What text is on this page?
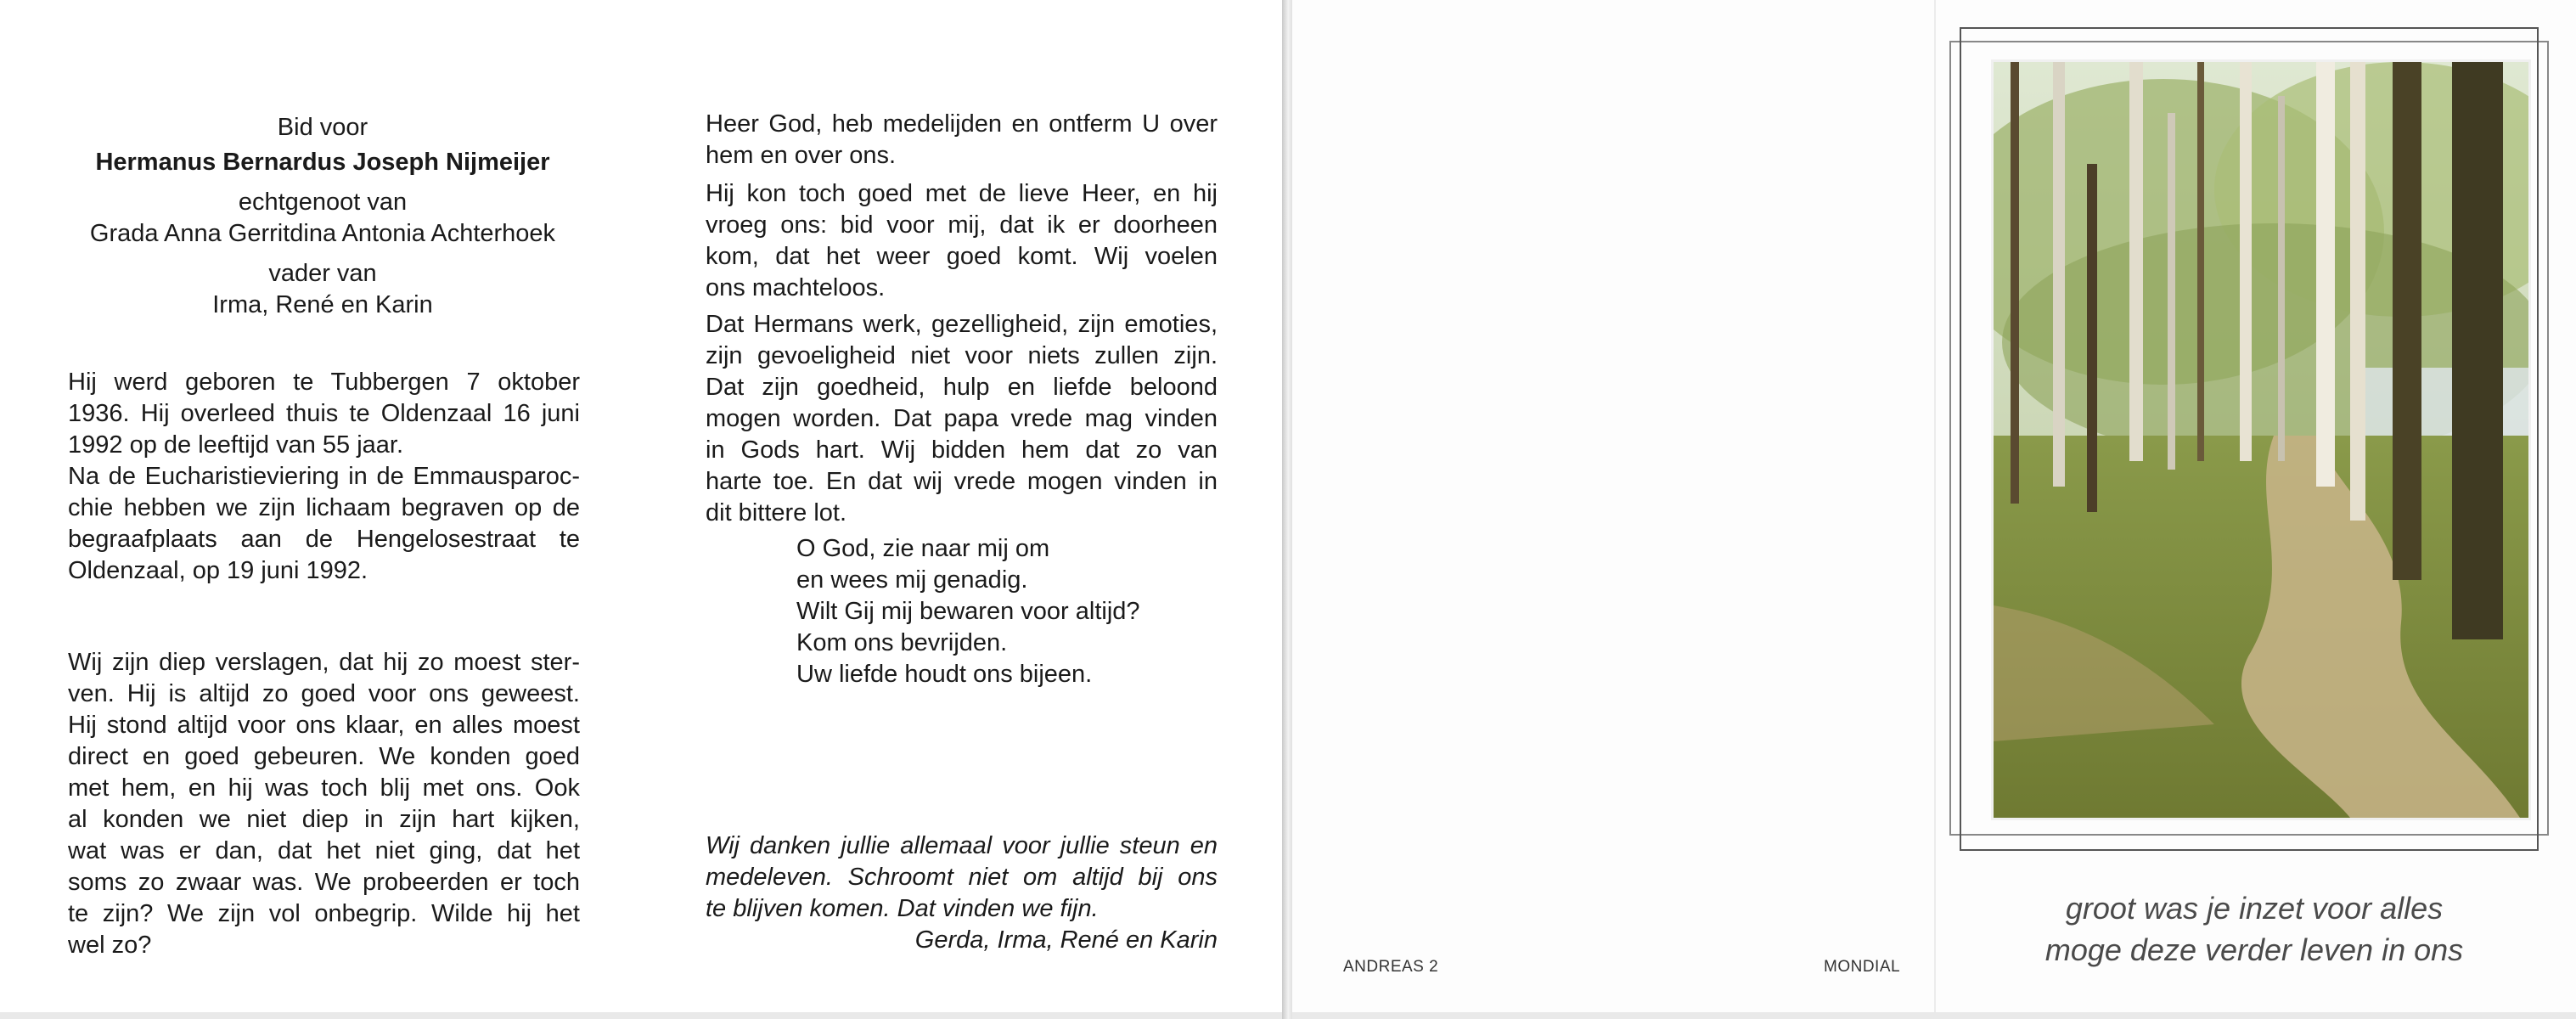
Bid voor
Hermanus Bernardus Joseph Nijmeijer
echtgenoot van
Grada Anna Gerritdina Antonia Achterhoek
vader van
Irma, René en Karin
Hij werd geboren te Tubbergen 7 oktober
1936. Hij overleed thuis te Oldenzaal 16 juni
1992 op de leeftijd van 55 jaar.
Na de Eucharistieviering in de Emmausparoc-
chie hebben we zijn lichaam begraven op de
begraafplaats aan de Hengelosestraat te
Oldenzaal, op 19 juni 1992.
Wij zijn diep verslagen, dat hij zo moest ster-
ven. Hij is altijd zo goed voor ons geweest.
Hij stond altijd voor ons klaar, en alles moest
direct en goed gebeuren. We konden goed
met hem, en hij was toch blij met ons. Ook
al konden we niet diep in zijn hart kijken,
wat was er dan, dat het niet ging, dat het
soms zo zwaar was. We probeerden er toch
te zijn? We zijn vol onbegrip. Wilde hij het
wel zo?
Heer God, heb medelijden en ontferm U over
hem en over ons.
Hij kon toch goed met de lieve Heer, en hij
vroeg ons: bid voor mij, dat ik er doorheen
kom, dat het weer goed komt. Wij voelen
ons machteloos.
Dat Hermans werk, gezelligheid, zijn emoties,
zijn gevoeligheid niet voor niets zullen zijn.
Dat zijn goedheid, hulp en liefde beloond
mogen worden. Dat papa vrede mag vinden
in Gods hart. Wij bidden hem dat zo van
harte toe. En dat wij vrede mogen vinden in
dit bittere lot.
O God, zie naar mij om
en wees mij genadig.
Wilt Gij mij bewaren voor altijd?
Kom ons bevrijden.
Uw liefde houdt ons bijeen.
Wij danken jullie allemaal voor jullie steun en
medeleven. Schroomt niet om altijd bij ons
te blijven komen. Dat vinden we fijn.
Gerda, Irma, René en Karin
ANDREAS 2	MONDIAL
groot was je inzet voor alles
moge deze verder leven in ons
